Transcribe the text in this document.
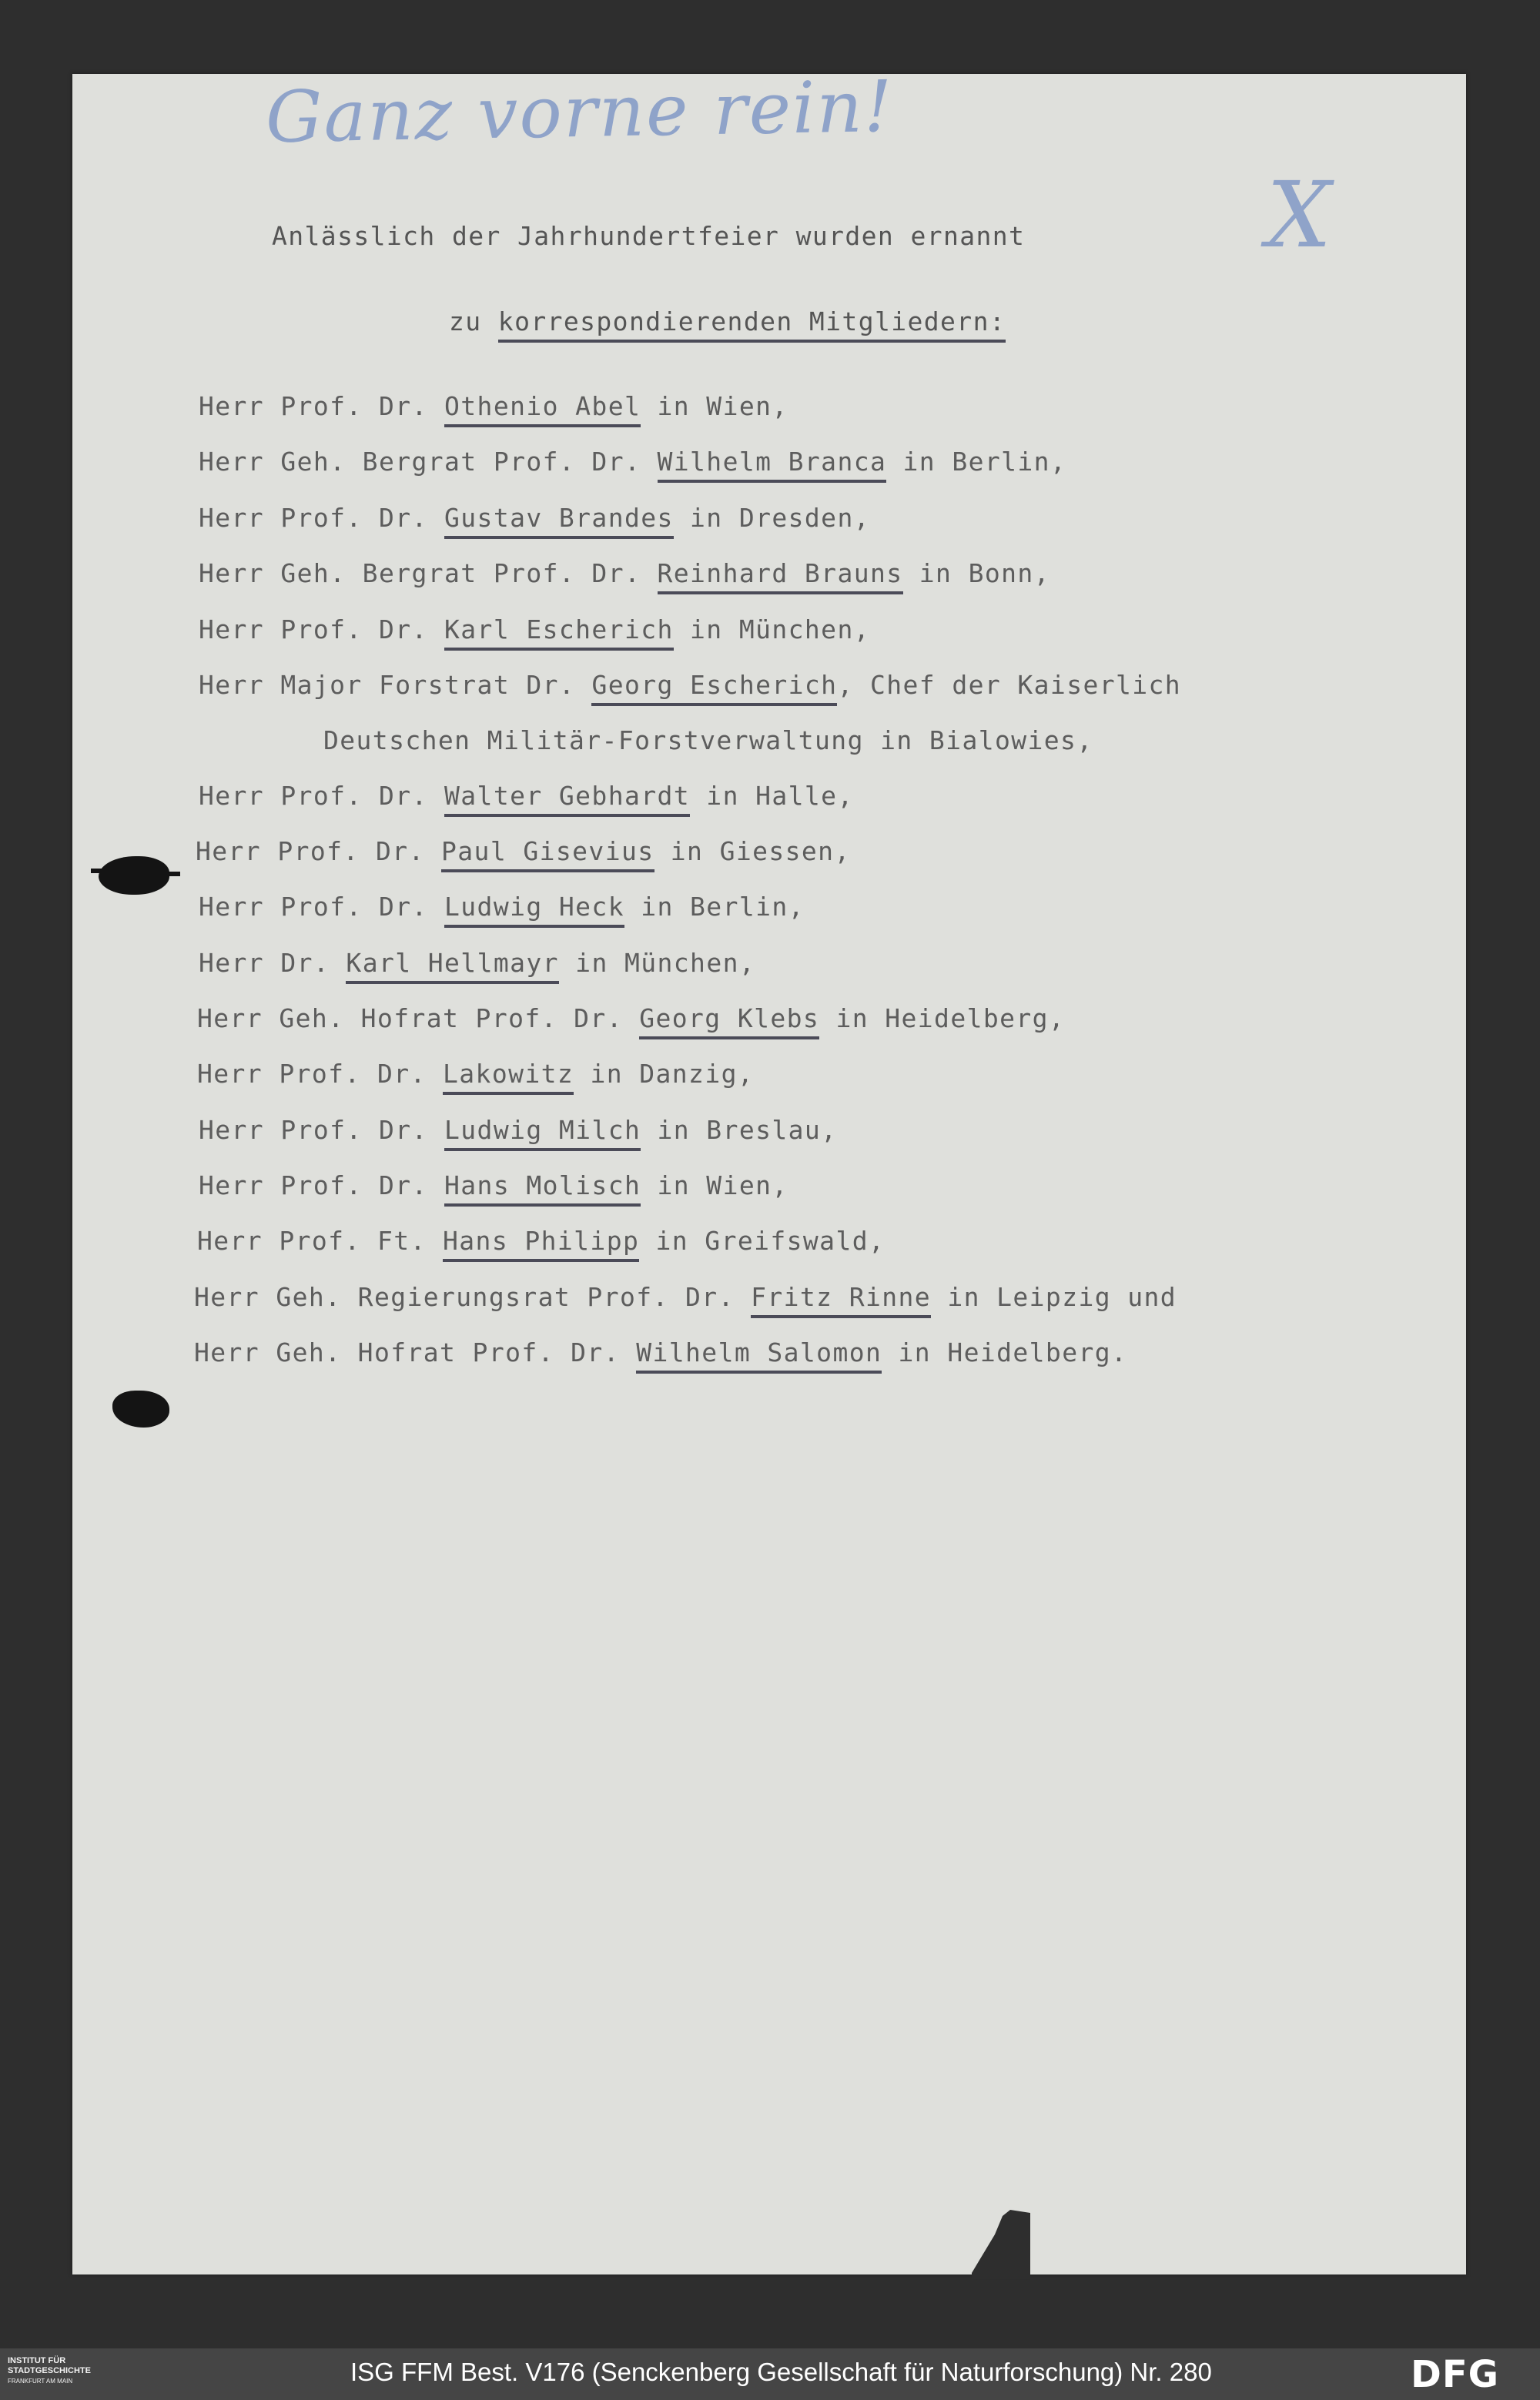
Ganz vorne rein!
X
Anlässlich der Jahrhundertfeier wurden ernannt
zu korrespondierenden Mitgliedern:
Herr Prof. Dr. Othenio Abel in Wien,
Herr Geh. Bergrat Prof. Dr. Wilhelm Branca in Berlin,
Herr Prof. Dr. Gustav Brandes in Dresden,
Herr Geh. Bergrat Prof. Dr. Reinhard Brauns in Bonn,
Herr Prof. Dr. Karl Escherich in München,
Herr Major Forstrat Dr. Georg Escherich, Chef der Kaiserlich
Deutschen Militär-Forstverwaltung in Bialowies,
Herr Prof. Dr. Walter Gebhardt in Halle,
Herr Prof. Dr. Paul Gisevius in Giessen,
Herr Prof. Dr. Ludwig Heck in Berlin,
Herr Dr. Karl Hellmayr in München,
Herr Geh. Hofrat Prof. Dr. Georg Klebs in Heidelberg,
Herr Prof. Dr. Lakowitz in Danzig,
Herr Prof. Dr. Ludwig Milch in Breslau,
Herr Prof. Dr. Hans Molisch in Wien,
Herr Prof. Ft. Hans Philipp in Greifswald,
Herr Geh. Regierungsrat Prof. Dr. Fritz Rinne in Leipzig und
Herr Geh. Hofrat Prof. Dr. Wilhelm Salomon in Heidelberg.
INSTITUT FÜR
STADTGESCHICHTE
FRANKFURT AM MAIN	ISG FFM Best. V176 (Senckenberg Gesellschaft für Naturforschung) Nr. 280	DFG
